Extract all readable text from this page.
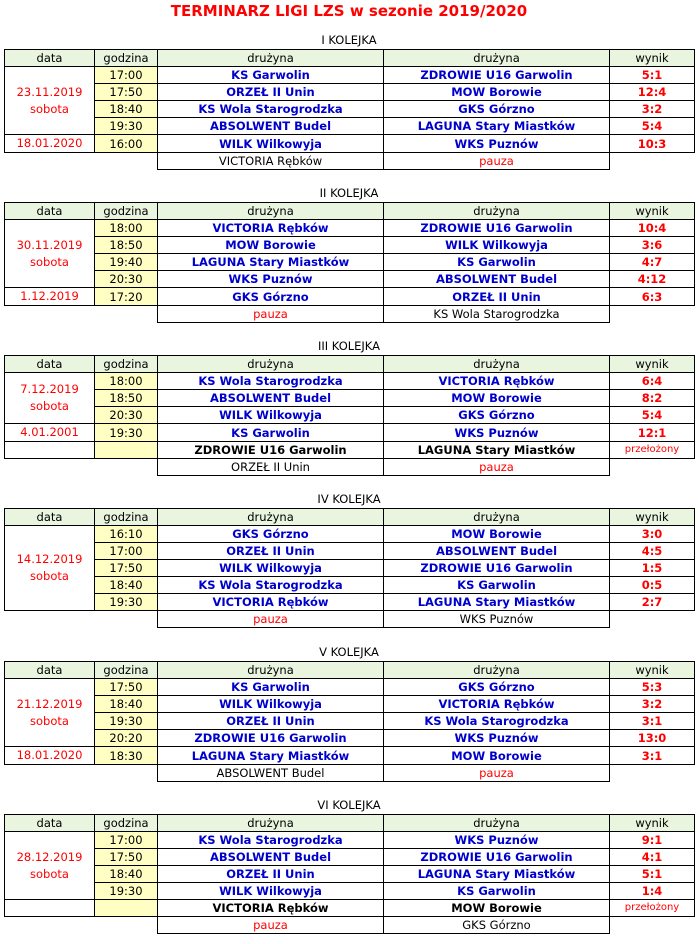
TERMINARZ LIGI LZS w sezonie 2019/2020
I KOLEJKA
data	godzina	drużyna	drużyna	wynik
23.11.2019
sobota	17:00	KS Garwolin	ZDROWIE U16 Garwolin	5:1
	17:50	ORZEŁ II Unin	MOW Borowie	12:4
	18:40	KS Wola Starogrodzka	GKS Górzno	3:2
	19:30	ABSOLWENT Budel	LAGUNA Stary Miastków	5:4
18.01.2020	16:00	WILK Wilkowyja	WKS Puznów	10:3
		VICTORIA Rębków	pauza	
II KOLEJKA
data	godzina	drużyna	drużyna	wynik
30.11.2019
sobota	18:00	VICTORIA Rębków	ZDROWIE U16 Garwolin	10:4
	18:50	MOW Borowie	WILK Wilkowyja	3:6
	19:40	LAGUNA Stary Miastków	KS Garwolin	4:7
	20:30	WKS Puznów	ABSOLWENT Budel	4:12
1.12.2019	17:20	GKS Górzno	ORZEŁ II Unin	6:3
		pauza	KS Wola Starogrodzka	
III KOLEJKA
data	godzina	drużyna	drużyna	wynik
7.12.2019
sobota	18:00	KS Wola Starogrodzka	VICTORIA Rębków	6:4
	18:50	ABSOLWENT Budel	MOW Borowie	8:2
	20:30	WILK Wilkowyja	GKS Górzno	5:4
4.01.2001	19:30	KS Garwolin	WKS Puznów	12:1
		ZDROWIE U16 Garwolin	LAGUNA Stary Miastków	przełożony
		ORZEŁ II Unin	pauza	
IV KOLEJKA
data	godzina	drużyna	drużyna	wynik
14.12.2019
sobota	16:10	GKS Górzno	MOW Borowie	3:0
	17:00	ORZEŁ II Unin	ABSOLWENT Budel	4:5
	17:50	WILK Wilkowyja	ZDROWIE U16 Garwolin	1:5
	18:40	KS Wola Starogrodzka	KS Garwolin	0:5
	19:30	VICTORIA Rębków	LAGUNA Stary Miastków	2:7
		pauza	WKS Puznów	
V KOLEJKA
data	godzina	drużyna	drużyna	wynik
21.12.2019
sobota	17:50	KS Garwolin	GKS Górzno	5:3
	18:40	WILK Wilkowyja	VICTORIA Rębków	3:2
	19:30	ORZEŁ II Unin	KS Wola Starogrodzka	3:1
	20:20	ZDROWIE U16 Garwolin	WKS Puznów	13:0
18.01.2020	18:30	LAGUNA Stary Miastków	MOW Borowie	3:1
		ABSOLWENT Budel	pauza	
VI KOLEJKA
data	godzina	drużyna	drużyna	wynik
28.12.2019
sobota	17:00	KS Wola Starogrodzka	WKS Puznów	9:1
	17:50	ABSOLWENT Budel	ZDROWIE U16 Garwolin	4:1
	18:40	ORZEŁ II Unin	LAGUNA Stary Miastków	5:1
	19:30	WILK Wilkowyja	KS Garwolin	1:4
		VICTORIA Rębków	MOW Borowie	przełożony
		pauza	GKS Górzno	
